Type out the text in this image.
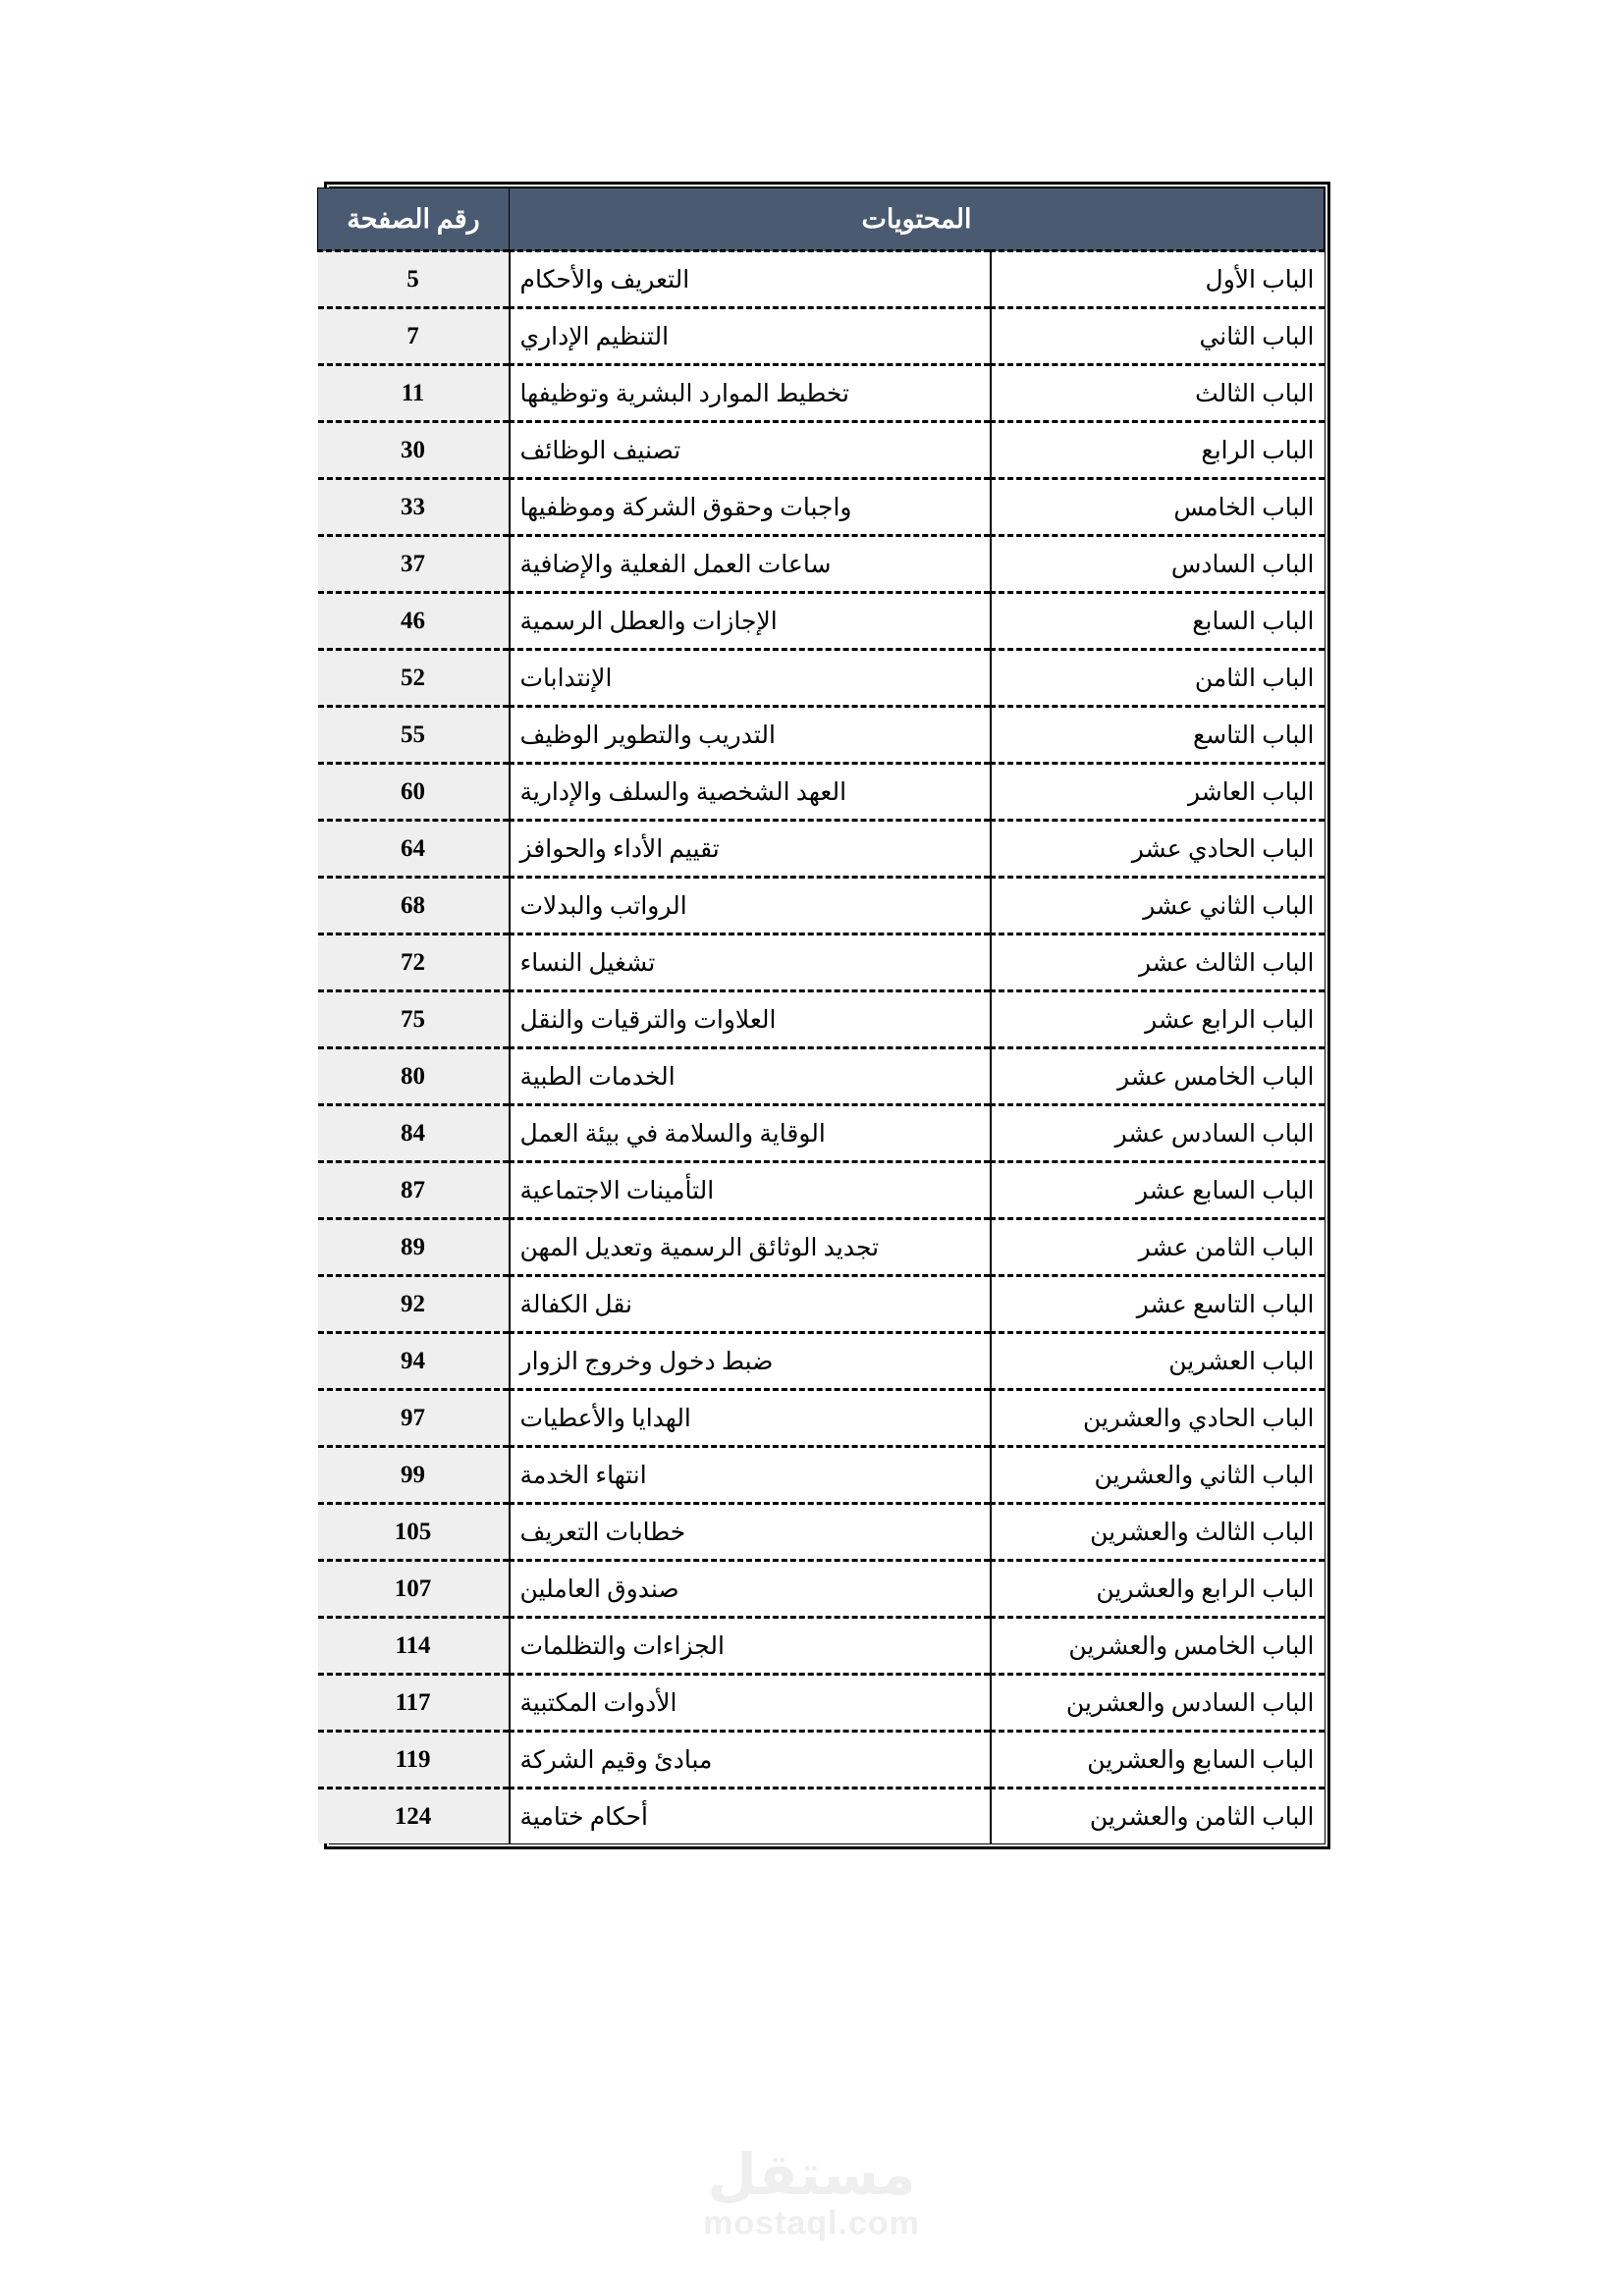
المحتويات		رقم الصفحة
الباب الأول	التعريف والأحكام	5
الباب الثاني	التنظيم الإداري	7
الباب الثالث	تخطيط الموارد البشرية وتوظيفها	11
الباب الرابع	تصنيف الوظائف	30
الباب الخامس	واجبات وحقوق الشركة وموظفيها	33
الباب السادس	ساعات العمل الفعلية والإضافية	37
الباب السابع	الإجازات والعطل الرسمية	46
الباب الثامن	الإنتدابات	52
الباب التاسع	التدريب والتطوير الوظيف	55
الباب العاشر	العهد الشخصية والسلف والإدارية	60
الباب الحادي عشر	تقييم الأداء والحوافز	64
الباب الثاني عشر	الرواتب والبدلات	68
الباب الثالث عشر	تشغيل النساء	72
الباب الرابع عشر	العلاوات والترقيات والنقل	75
الباب الخامس عشر	الخدمات الطبية	80
الباب السادس عشر	الوقاية والسلامة في بيئة العمل	84
الباب السابع عشر	التأمينات الاجتماعية	87
الباب الثامن عشر	تجديد الوثائق الرسمية وتعديل المهن	89
الباب التاسع عشر	نقل الكفالة	92
الباب العشرين	ضبط دخول وخروج الزوار	94
الباب الحادي والعشرين	الهدايا والأعطيات	97
الباب الثاني والعشرين	انتهاء الخدمة	99
الباب الثالث والعشرين	خطابات التعريف	105
الباب الرابع والعشرين	صندوق العاملين	107
الباب الخامس والعشرين	الجزاءات والتظلمات	114
الباب السادس والعشرين	الأدوات المكتبية	117
الباب السابع والعشرين	مبادئ وقيم الشركة	119
الباب الثامن والعشرين	أحكام ختامية	124
مستقل
mostaql.com
